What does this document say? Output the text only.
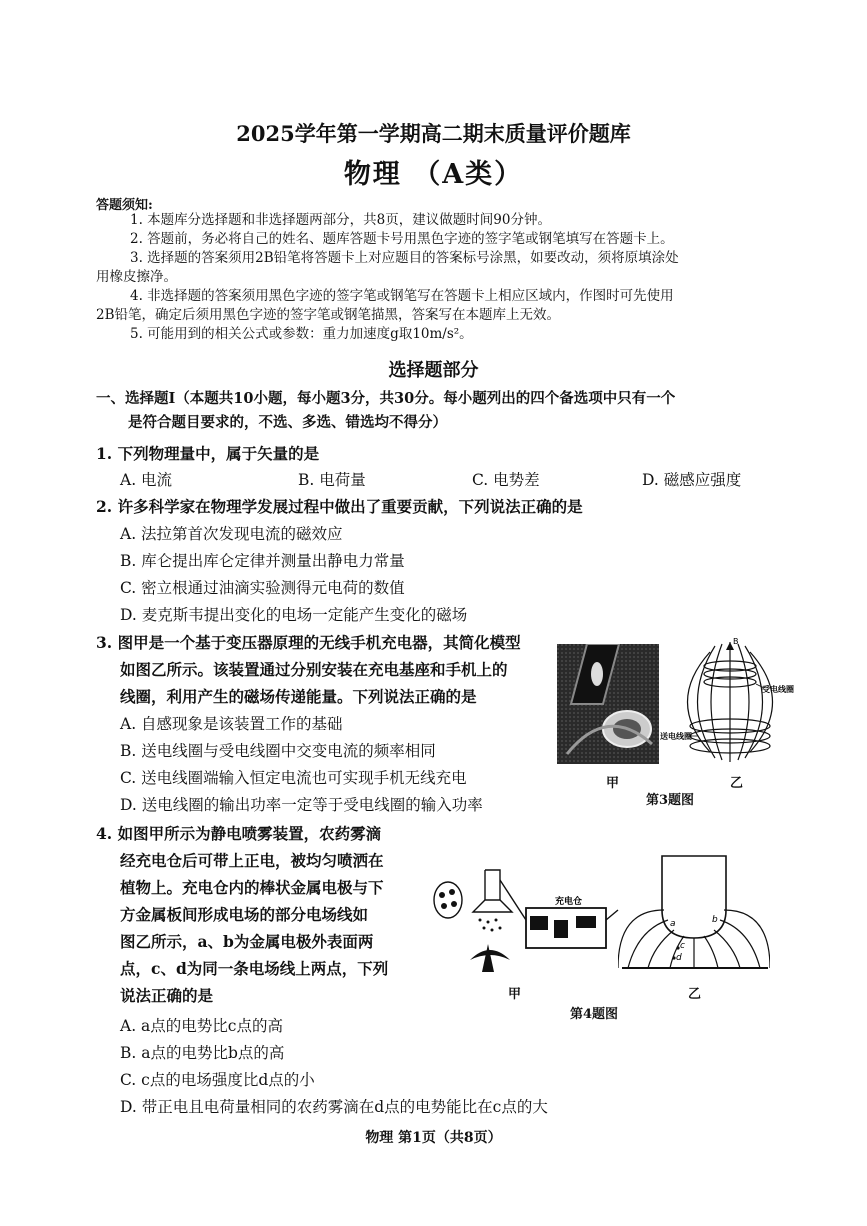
2025学年第一学期高二期末质量评价题库
物理 （A类）
答题须知:
1. 本题库分选择题和非选择题两部分，共8页，建议做题时间90分钟。
2. 答题前，务必将自己的姓名、题库答题卡号用黑色字迹的签字笔或钢笔填写在答题卡上。
3. 选择题的答案须用2B铅笔将答题卡上对应题目的答案标号涂黑，如要改动，须将原填涂处
用橡皮擦净。
4. 非选择题的答案须用黑色字迹的签字笔或钢笔写在答题卡上相应区域内，作图时可先使用
2B铅笔，确定后须用黑色字迹的签字笔或钢笔描黑，答案写在本题库上无效。
5. 可能用到的相关公式或参数：重力加速度g取10m/s²。
选择题部分
一、选择题Ⅰ（本题共10小题，每小题3分，共30分。每小题列出的四个备选项中只有一个
是符合题目要求的，不选、多选、错选均不得分）
1. 下列物理量中，属于矢量的是
A. 电流	B. 电荷量	C. 电势差	D. 磁感应强度
2. 许多科学家在物理学发展过程中做出了重要贡献，下列说法正确的是
A. 法拉第首次发现电流的磁效应
B. 库仑提出库仑定律并测量出静电力常量
C. 密立根通过油滴实验测得元电荷的数值
D. 麦克斯韦提出变化的电场一定能产生变化的磁场
3. 图甲是一个基于变压器原理的无线手机充电器，其简化模型
如图乙所示。该装置通过分别安装在充电基座和手机上的
线圈，利用产生的磁场传递能量。下列说法正确的是
A. 自感现象是该装置工作的基础
B. 送电线圈与受电线圈中交变电流的频率相同
C. 送电线圈端输入恒定电流也可实现手机无线充电
D. 送电线圈的输出功率一定等于受电线圈的输入功率
B
受电线圈
送电线圈
甲	乙
第3题图
4. 如图甲所示为静电喷雾装置，农药雾滴
经充电仓后可带上正电，被均匀喷洒在
植物上。充电仓内的棒状金属电极与下
方金属板间形成电场的部分电场线如
图乙所示，a、b为金属电极外表面两
点，c、d为同一条电场线上两点，下列
说法正确的是
A. a点的电势比c点的高
B. a点的电势比b点的高
C. c点的电场强度比d点的小
D. 带正电且电荷量相同的农药雾滴在d点的电势能比在c点的大
充电仓
甲
第4题图
a	b
c
d
乙
物理 第1页（共8页）
